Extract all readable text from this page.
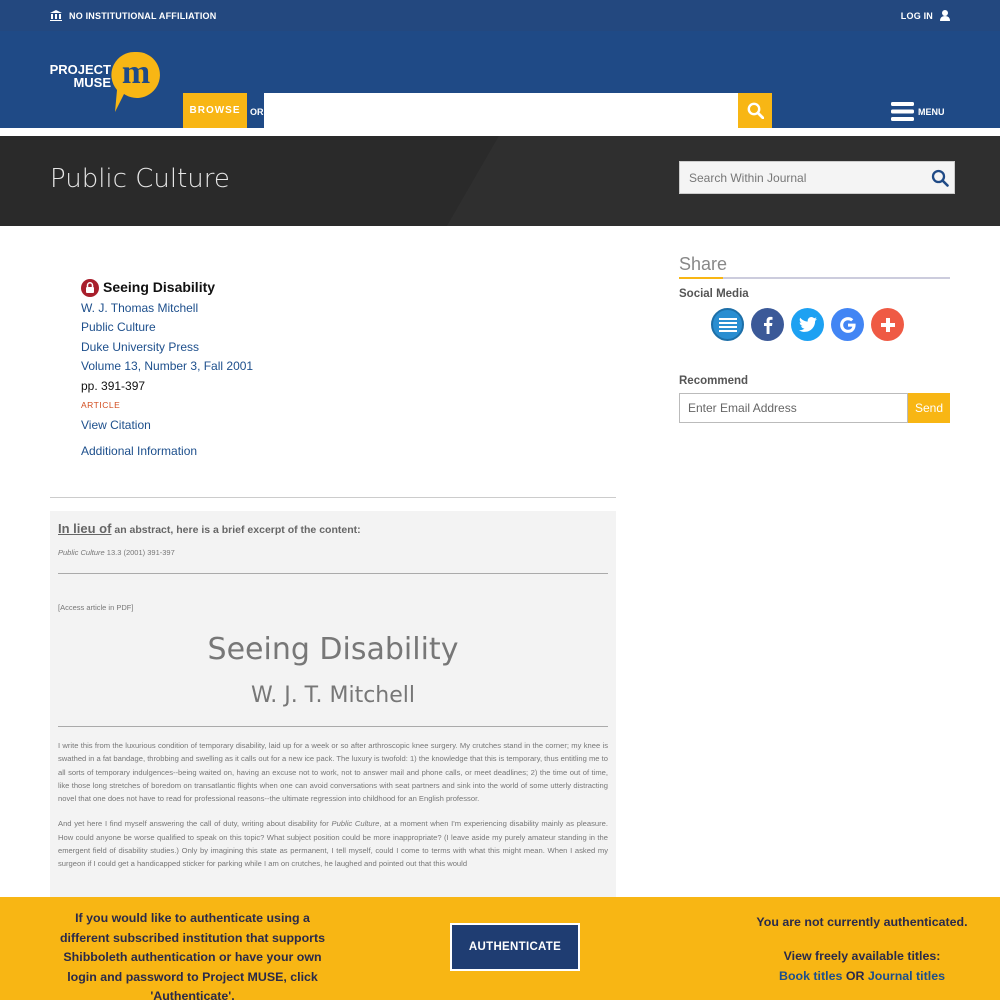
NO INSTITUTIONAL AFFILIATION	LOG IN
PROJECT
MUSE m
BROWSE	OR	MENU
Public Culture	Search Within Journal
Seeing Disability
W. J. Thomas Mitchell
Public Culture
Duke University Press
Volume 13, Number 3, Fall 2001
pp. 391-397
ARTICLE
View Citation
Additional Information
In lieu of an abstract, here is a brief excerpt of the content:
Public Culture 13.3 (2001) 391-397
[Access article in PDF]
Seeing Disability
W. J. T. Mitchell

I write this from the luxurious condition of temporary disability, laid up for a week or so after arthroscopic knee surgery. My crutches stand in the corner; my knee is swathed in a fat bandage, throbbing and swelling as it calls out for a new ice pack. The luxury is twofold: 1) the knowledge that this is temporary, thus entitling me to all sorts of temporary indulgences--being waited on, having an excuse not to work, not to answer mail and phone calls, or meet deadlines; 2) the time out of time, like those long stretches of boredom on transatlantic flights when one can avoid conversations with seat partners and sink into the world of some utterly distracting novel that one does not have to read for professional reasons--the ultimate regression into childhood for an English professor.

And yet here I find myself answering the call of duty, writing about disability for Public Culture, at a moment when I'm experiencing disability mainly as pleasure. How could anyone be worse qualified to speak on this topic? What subject position could be more inappropriate? (I leave aside my purely amateur standing in the emergent field of disability studies.) Only by imagining this state as permanent, I tell myself, could I come to terms with what this might mean. When I asked my surgeon if I could get a handicapped sticker for parking while I am on crutches, he laughed and pointed out that this would

Share
Social Media
Recommend
Enter Email Address	Send
If you would like to authenticate using a different subscribed institution that supports Shibboleth authentication or have your own login and password to Project MUSE, click 'Authenticate'.
AUTHENTICATE
You are not currently authenticated.
View freely available titles:
Book titles OR Journal titles
